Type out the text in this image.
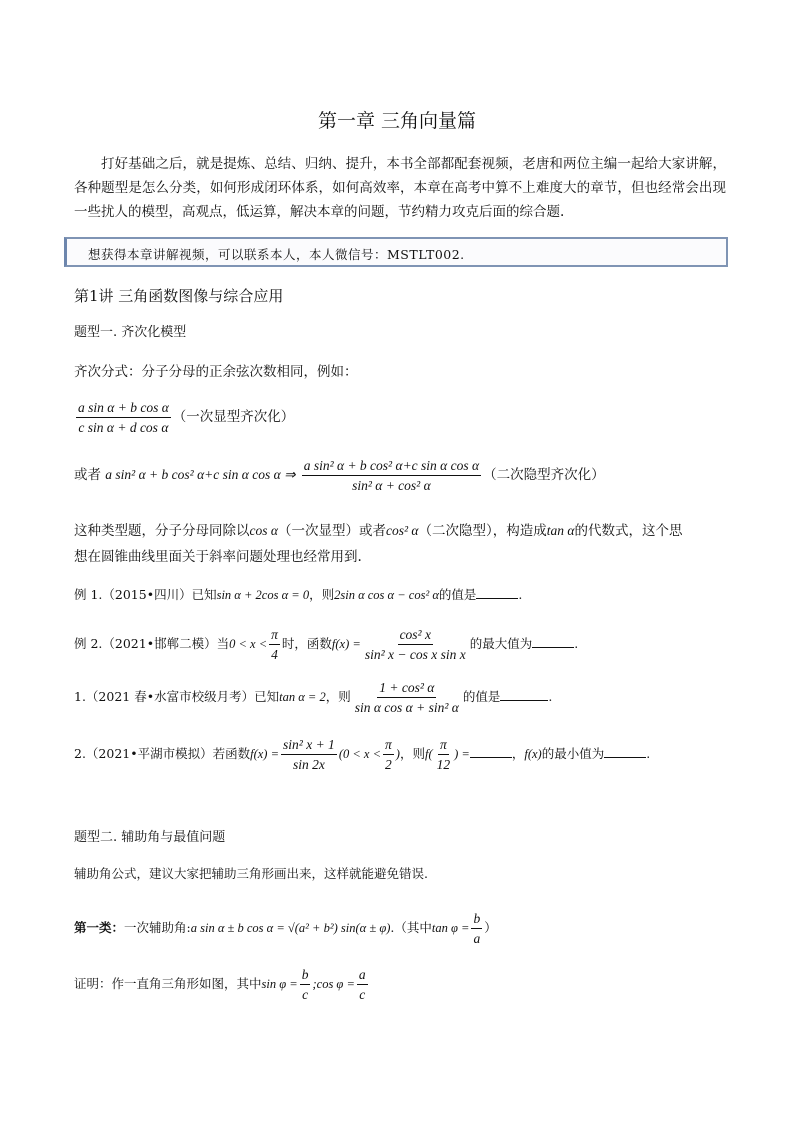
第一章 三角向量篇
打好基础之后，就是提炼、总结、归纳、提升，本书全部都配套视频，老唐和两位主编一起给大家讲解，各种题型是怎么分类，如何形成闭环体系，如何高效率，本章在高考中算不上难度大的章节，但也经常会出现一些扰人的模型，高观点，低运算，解决本章的问题，节约精力攻克后面的综合题.
想获得本章讲解视频，可以联系本人，本人微信号：MSTLT002.
第1讲 三角函数图像与综合应用
题型一. 齐次化模型
齐次分式：分子分母的正余弦次数相同，例如：
$\frac{\text{a sin α + b cos α}}{\text{c sin α + d cos α}}$ （一次显型齐次化）
或者 a sin² α + b cos² α+c sin α cos α ⇒ $\frac{\text{a sin² α + b cos² α+c sin α cos α}}{\text{sin² α + cos² α}}$ （二次隐型齐次化）
这种类型题，分子分母同除以cos α（一次显型）或者cos² α（二次隐型），构造成tan α的代数式，这个思
想在圆锥曲线里面关于斜率问题处理也经常用到.
例 1.（2015•四川）已知sin α + 2cos α = 0，则2sin α cos α − cos² α的值是	.
例 2.（2021•邯郸二模）当$0 < x < \frac{\pi}{4}$ 时，函数$f(x) = \frac{\text{cos² x}}{\text{sin² x − cos x sin x}}$ 的最大值为	.
1.（2021 春•水富市校级月考）已知tan α = 2，则 $\frac{\text{1 + cos² α}}{\text{sin α cos α + sin² α}}$ 的值是	.
2.（2021•平湖市模拟）若函数$f(x) = \frac{\text{sin² x + 1}}{\sin 2x} (0 < x < \frac{\pi}{2}$ )，则$f( \frac{\pi}{12}$ ) =	，f(x)的最小值为	.
题型二. 辅助角与最值问题
辅助角公式，建议大家把辅助三角形画出来，这样就能避免错误.
第一类：一次辅助角:a sin α ± b cos α = √(a² + b²) sin(α ± φ).（其中$\tan \varphi = \frac{b}{a}$ ）
证明：作一直角三角形如图，其中$\sin \varphi = \frac{b}{c}$ ;cos $\varphi = \frac{a}{c}$
